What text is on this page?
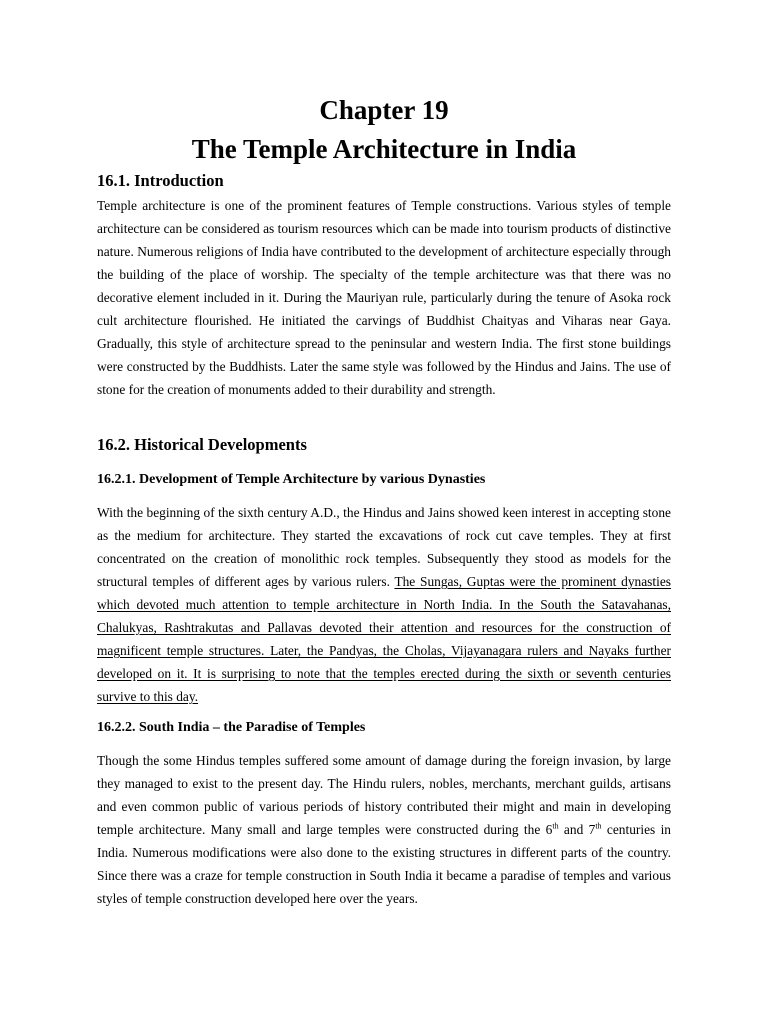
Chapter 19
The Temple Architecture in India
16.1. Introduction

Temple architecture is one of the prominent features of Temple constructions. Various styles of temple architecture can be considered as tourism resources which can be made into tourism products of distinctive nature. Numerous religions of India have contributed to the development of architecture especially through the building of the place of worship. The specialty of the temple architecture was that there was no decorative element included in it. During the Mauriyan rule, particularly during the tenure of Asoka rock cult architecture flourished. He initiated the carvings of Buddhist Chaityas and Viharas near Gaya. Gradually, this style of architecture spread to the peninsular and western India. The first stone buildings were constructed by the Buddhists. Later the same style was followed by the Hindus and Jains. The use of stone for the creation of monuments added to their durability and strength.

16.2. Historical Developments
16.2.1. Development of Temple Architecture by various Dynasties

With the beginning of the sixth century A.D., the Hindus and Jains showed keen interest in accepting stone as the medium for architecture. They started the excavations of rock cut cave temples. They at first concentrated on the creation of monolithic rock temples. Subsequently they stood as models for the structural temples of different ages by various rulers. The Sungas, Guptas were the prominent dynasties which devoted much attention to temple architecture in North India. In the South the Satavahanas, Chalukyas, Rashtrakutas and Pallavas devoted their attention and resources for the construction of magnificent temple structures. Later, the Pandyas, the Cholas, Vijayanagara rulers and Nayaks further developed on it. It is surprising to note that the temples erected during the sixth or seventh centuries survive to this day.

16.2.2. South India – the Paradise of Temples

Though the some Hindus temples suffered some amount of damage during the foreign invasion, by large they managed to exist to the present day. The Hindu rulers, nobles, merchants, merchant guilds, artisans and even common public of various periods of history contributed their might and main in developing temple architecture. Many small and large temples were constructed during the 6th and 7th centuries in India. Numerous modifications were also done to the existing structures in different parts of the country. Since there was a craze for temple construction in South India it became a paradise of temples and various styles of temple construction developed here over the years.
